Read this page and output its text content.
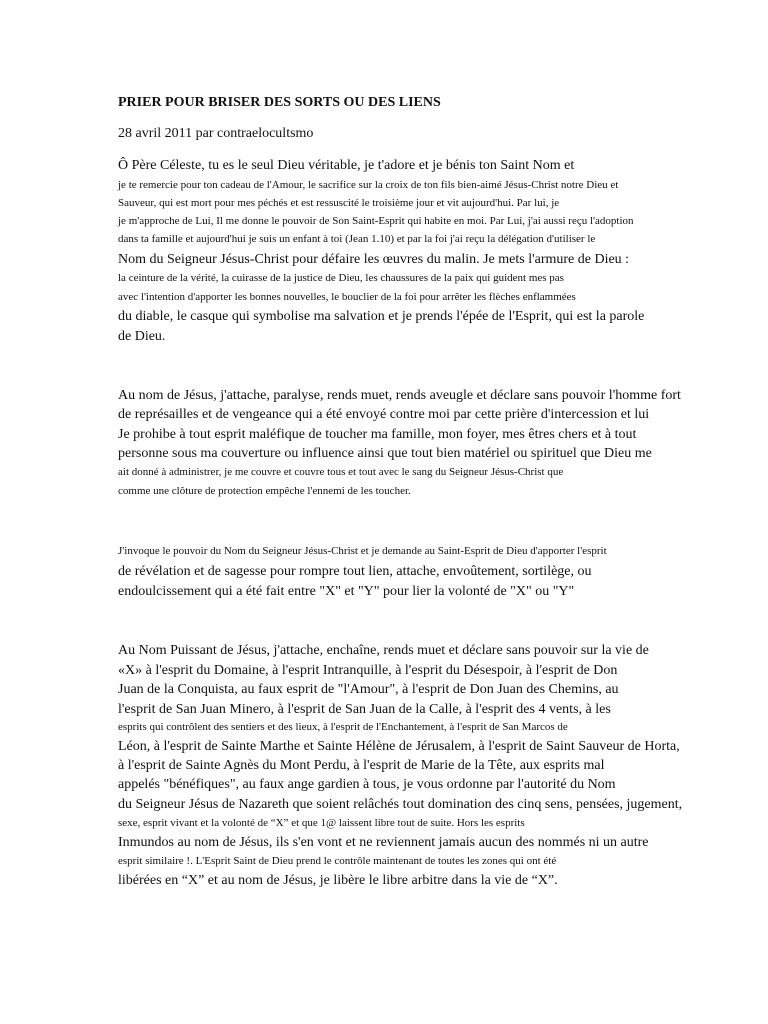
PRIER POUR BRISER DES SORTS OU DES LIENS
28 avril 2011 par contraelocultsmo
Ô Père Céleste, tu es le seul Dieu véritable, je t'adore et je bénis ton Saint Nom et
je te remercie pour ton cadeau de l'Amour, le sacrifice sur la croix de ton fils bien-aimé Jésus-Christ notre Dieu et
Sauveur, qui est mort pour mes péchés et est ressuscité le troisième jour et vit aujourd'hui. Par lui, je
je m'approche de Lui, Il me donne le pouvoir de Son Saint-Esprit qui habite en moi. Par Lui, j'ai aussi reçu l'adoption
dans ta famille et aujourd'hui je suis un enfant à toi (Jean 1.10) et par la foi j'ai reçu la délégation d'utiliser le
Nom du Seigneur Jésus-Christ pour défaire les œuvres du malin. Je mets l'armure de Dieu :
la ceinture de la vérité, la cuirasse de la justice de Dieu, les chaussures de la paix qui guident mes pas
avec l'intention d'apporter les bonnes nouvelles, le bouclier de la foi pour arrêter les flèches enflammées
du diable, le casque qui symbolise ma salvation et je prends l'épée de l'Esprit, qui est la parole
de Dieu.
Au nom de Jésus, j'attache, paralyse, rends muet, rends aveugle et déclare sans pouvoir l'homme fort
de représailles et de vengeance qui a été envoyé contre moi par cette prière d'intercession et lui
Je prohibe à tout esprit maléfique de toucher ma famille, mon foyer, mes êtres chers et à tout
personne sous ma couverture ou influence ainsi que tout bien matériel ou spirituel que Dieu me
ait donné à administrer, je me couvre et couvre tous et tout avec le sang du Seigneur Jésus-Christ que
comme une clôture de protection empêche l'ennemi de les toucher.
J'invoque le pouvoir du Nom du Seigneur Jésus-Christ et je demande au Saint-Esprit de Dieu d'apporter l'esprit
de révélation et de sagesse pour rompre tout lien, attache, envoûtement, sortilège, ou
endoulcissement qui a été fait entre "X" et "Y" pour lier la volonté de "X" ou "Y"
Au Nom Puissant de Jésus, j'attache, enchaîne, rends muet et déclare sans pouvoir sur la vie de
«X» à l'esprit du Domaine, à l'esprit Intranquille, à l'esprit du Désespoir, à l'esprit de Don
Juan de la Conquista, au faux esprit de "l'Amour", à l'esprit de Don Juan des Chemins, au
l'esprit de San Juan Minero, à l'esprit de San Juan de la Calle, à l'esprit des 4 vents, à les
esprits qui contrôlent des sentiers et des lieux, à l'esprit de l'Enchantement, à l'esprit de San Marcos de
Léon, à l'esprit de Sainte Marthe et Sainte Hélène de Jérusalem, à l'esprit de Saint Sauveur de Horta,
à l'esprit de Sainte Agnès du Mont Perdu, à l'esprit de Marie de la Tête, aux esprits mal
appelés "bénéfiques", au faux ange gardien à tous, je vous ordonne par l'autorité du Nom
du Seigneur Jésus de Nazareth que soient relâchés tout domination des cinq sens, pensées, jugement,
sexe, esprit vivant et la volonté de “X” et que 1@ laissent libre tout de suite. Hors les esprits
Inmundos au nom de Jésus, ils s'en vont et ne reviennent jamais aucun des nommés ni un autre
esprit similaire !. L'Esprit Saint de Dieu prend le contrôle maintenant de toutes les zones qui ont été
libérées en “X” et au nom de Jésus, je libère le libre arbitre dans la vie de “X”.
